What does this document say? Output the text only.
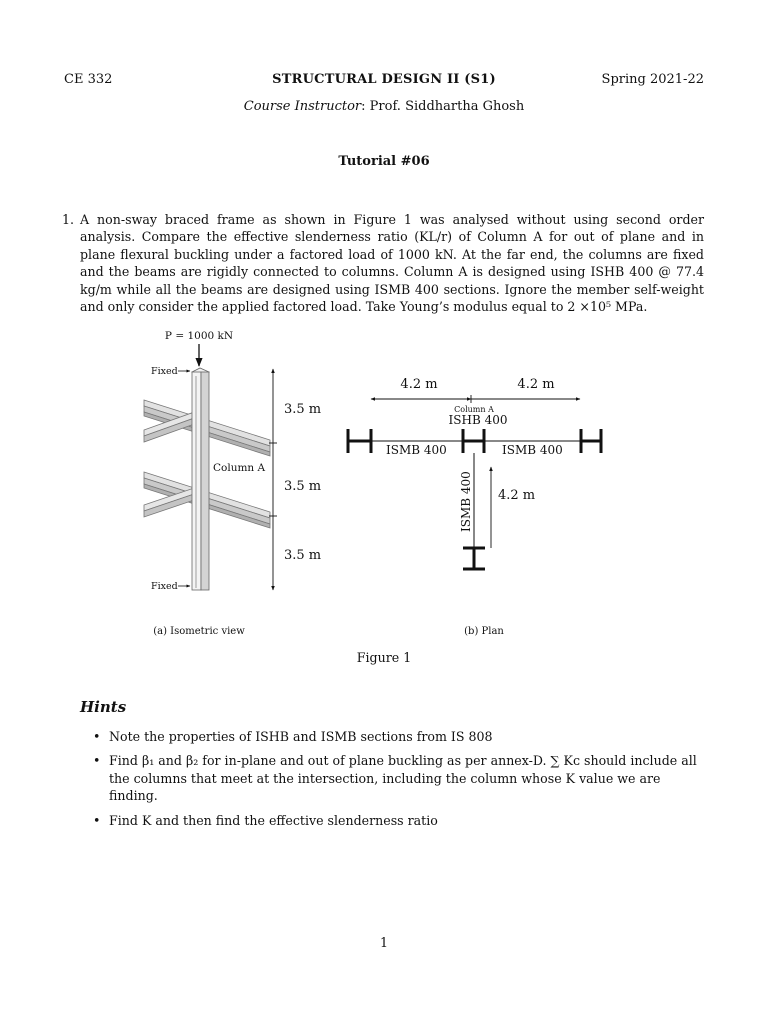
CE 332	STRUCTURAL DESIGN II (S1)	Spring 2021-22
Course Instructor: Prof. Siddhartha Ghosh
Tutorial #06
1. A non-sway braced frame as shown in Figure 1 was analysed without using second order analysis. Compare the effective slenderness ratio (KL/r) of Column A for out of plane and in plane flexural buckling under a factored load of 1000 kN. At the far end, the columns are fixed and the beams are rigidly connected to columns. Column A is designed using ISHB 400 @ 77.4 kg/m while all the beams are designed using ISMB 400 sections. Ignore the member self-weight and only consider the applied factored load. Take Young’s modulus equal to 2 ×10⁵ MPa.
P = 1000 kN
Fixed
Fixed
Column A
3.5 m
3.5 m
3.5 m
(a) Isometric view
4.2 m	4.2 m
Column A
ISHB 400
ISMB 400	ISMB 400
ISMB 400 4.2 m
(b) Plan
Figure 1
Hints
• Note the properties of ISHB and ISMB sections from IS 808
• Find β₁ and β₂ for in-plane and out of plane buckling as per annex-D. ∑ Kᴄ should include all the columns that meet at the intersection, including the column whose K value we are finding.
• Find K and then find the effective slenderness ratio
1
